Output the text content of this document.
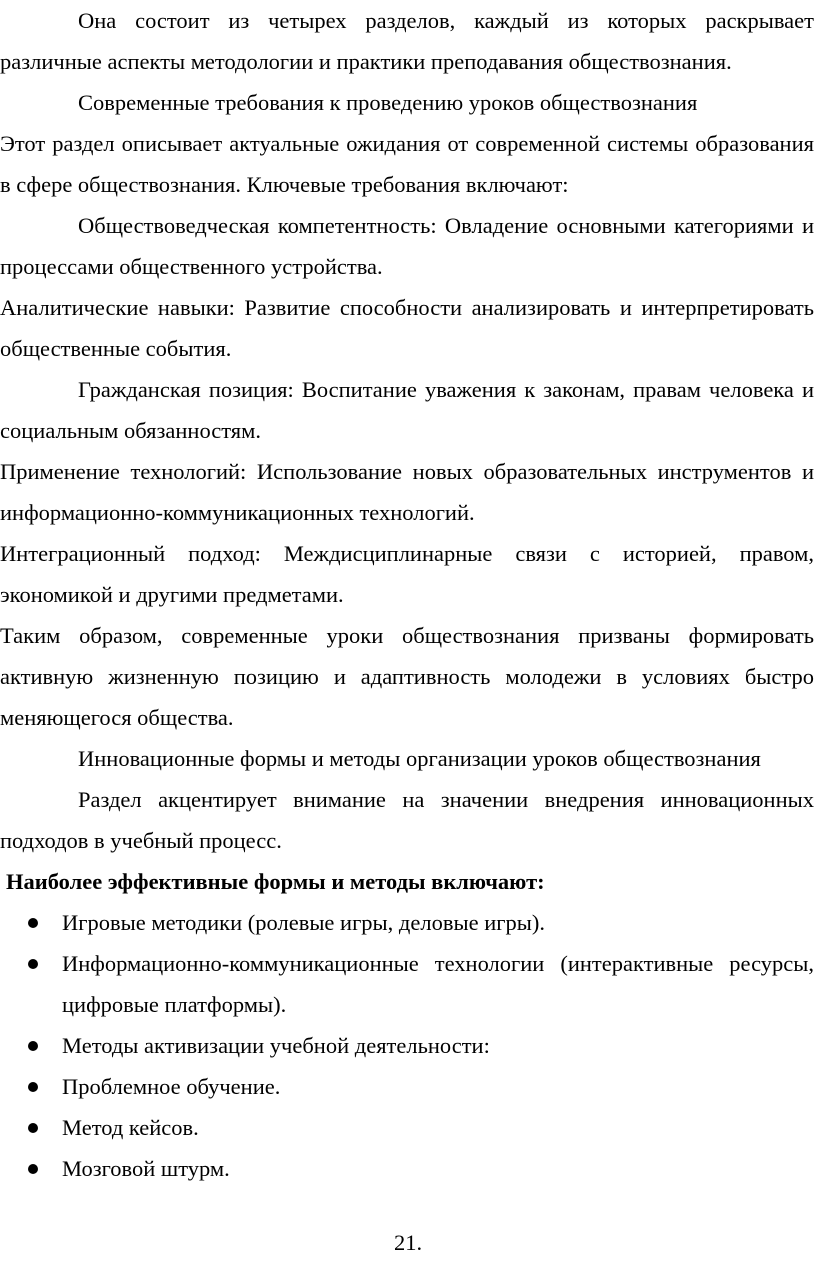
Она состоит из четырех разделов, каждый из которых раскрывает различные аспекты методологии и практики преподавания обществознания.

Современные требования к проведению уроков обществознания

Этот раздел описывает актуальные ожидания от современной системы образования в сфере обществознания. Ключевые требования включают:

Обществоведческая компетентность: Овладение основными категориями и процессами общественного устройства.

Аналитические навыки: Развитие способности анализировать и интерпретировать общественные события.

Гражданская позиция: Воспитание уважения к законам, правам человека и социальным обязанностям.

Применение технологий: Использование новых образовательных инструментов и информационно-коммуникационных технологий.

Интеграционный подход: Междисциплинарные связи с историей, правом, экономикой и другими предметами.

Таким образом, современные уроки обществознания призваны формировать активную жизненную позицию и адаптивность молодежи в условиях быстро меняющегося общества.

Инновационные формы и методы организации уроков обществознания

Раздел акцентирует внимание на значении внедрения инновационных подходов в учебный процесс.

Наиболее эффективные формы и методы включают:

Игровые методики (ролевые игры, деловые игры).
Информационно-коммуникационные технологии (интерактивные ресурсы, цифровые платформы).
Методы активизации учебной деятельности:
Проблемное обучение.
Метод кейсов.
Мозговой штурм.
21.
